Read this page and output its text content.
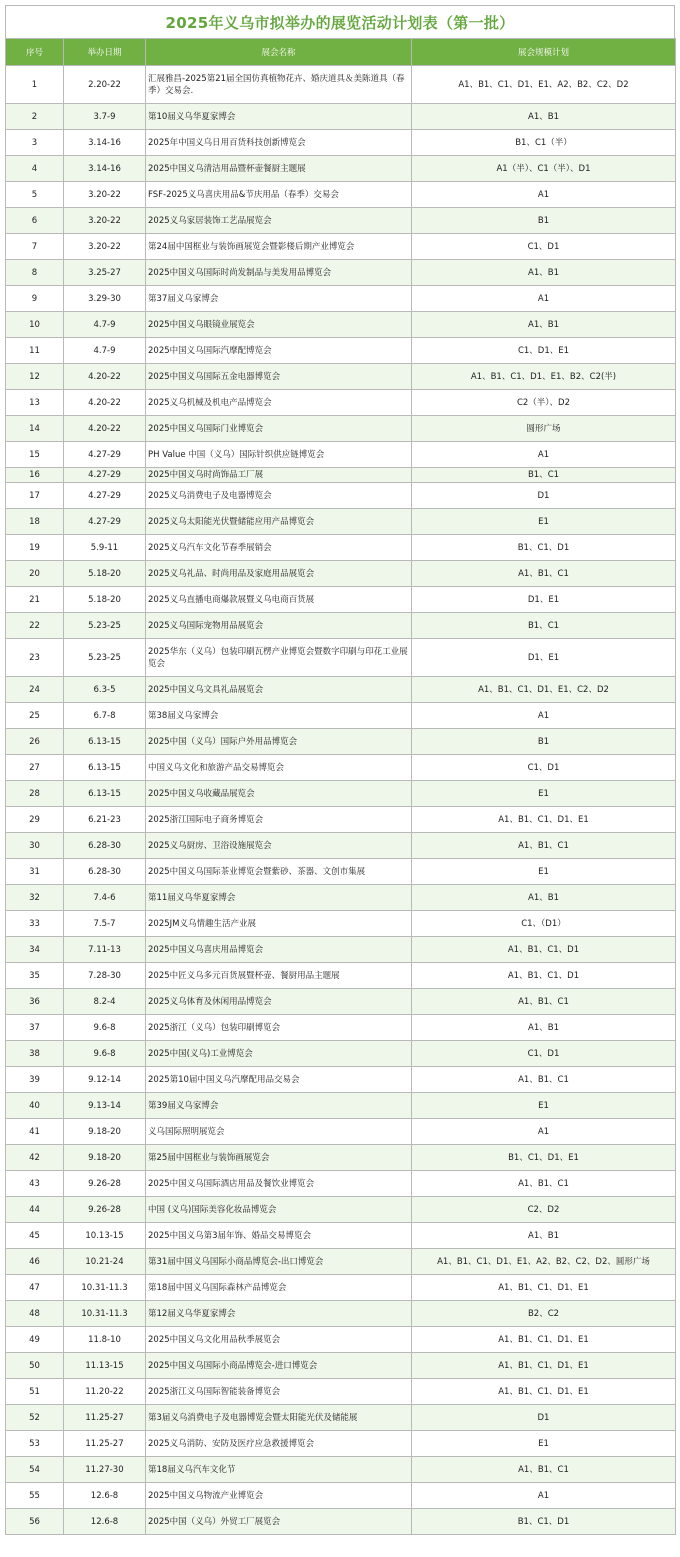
2025年义乌市拟举办的展览活动计划表（第一批）
序号	举办日期	展会名称	展会规模计划
1	2.20-22	汇展雅昌-2025第21届全国仿真植物花卉、婚庆道具＆美陈道具（春季）交易会.	A1、B1、C1、D1、E1、A2、B2、C2、D2
2	3.7-9	第10届义乌华夏家博会	A1、B1
3	3.14-16	2025年中国义乌日用百货科技创新博览会	B1、C1（半）
4	3.14-16	2025中国义乌清洁用品暨杯壶餐厨主题展	A1（半）、C1（半）、D1
5	3.20-22	FSF-2025义乌喜庆用品&节庆用品（春季）交易会	A1
6	3.20-22	2025义乌家居装饰工艺品展览会	B1
7	3.20-22	第24届中国框业与装饰画展览会暨影楼后期产业博览会	C1、D1
8	3.25-27	2025中国义乌国际时尚发制品与美发用品博览会	A1、B1
9	3.29-30	第37届义乌家博会	A1
10	4.7-9	2025中国义乌眼镜业展览会	A1、B1
11	4.7-9	2025中国义乌国际汽摩配博览会	C1、D1、E1
12	4.20-22	2025中国义乌国际五金电器博览会	A1、B1、C1、D1、E1、B2、C2(半)
13	4.20-22	2025义乌机械及机电产品博览会	C2（半）、D2
14	4.20-22	2025中国义乌国际门业博览会	圆形广场
15	4.27-29	PH Value 中国（义乌）国际针织供应链博览会	A1
16	4.27-29	2025中国义乌时尚饰品工厂展	B1、C1
17	4.27-29	2025义乌消费电子及电器博览会	D1
18	4.27-29	2025义乌太阳能光伏暨储能应用产品博览会	E1
19	5.9-11	2025义乌汽车文化节春季展销会	B1、C1、D1
20	5.18-20	2025义乌礼品、时尚用品及家庭用品展览会	A1、B1、C1
21	5.18-20	2025义乌直播电商爆款展暨义乌电商百货展	D1、E1
22	5.23-25	2025义乌国际宠物用品展览会	B1、C1
23	5.23-25	2025华东（义乌）包装印刷瓦楞产业博览会暨数字印刷与印花工业展览会	D1、E1
24	6.3-5	2025中国义乌文具礼品展览会	A1、B1、C1、D1、E1、C2、D2
25	6.7-8	第38届义乌家博会	A1
26	6.13-15	2025中国（义乌）国际户外用品博览会	B1
27	6.13-15	中国义乌文化和旅游产品交易博览会	C1、D1
28	6.13-15	2025中国义乌收藏品展览会	E1
29	6.21-23	2025浙江国际电子商务博览会	A1、B1、C1、D1、E1
30	6.28-30	2025义乌厨房、卫浴设施展览会	A1、B1、C1
31	6.28-30	2025中国义乌国际茶业博览会暨紫砂、茶器、文创市集展	E1
32	7.4-6	第11届义乌华夏家博会	A1、B1
33	7.5-7	2025JM义乌情趣生活产业展	C1、（D1）
34	7.11-13	2025中国义乌喜庆用品博览会	A1、B1、C1、D1
35	7.28-30	2025中匠义乌多元百货展暨杯壶、餐厨用品主题展	A1、B1、C1、D1
36	8.2-4	2025义乌体育及休闲用品博览会	A1、B1、C1
37	9.6-8	2025浙江（义乌）包装印刷博览会	A1、B1
38	9.6-8	2025中国(义乌)工业博览会	C1、D1
39	9.12-14	2025第10届中国义乌汽摩配用品交易会	A1、B1、C1
40	9.13-14	第39届义乌家博会	E1
41	9.18-20	义乌国际照明展览会	A1
42	9.18-20	第25届中国框业与装饰画展览会	B1、C1、D1、E1
43	9.26-28	2025中国义乌国际酒店用品及餐饮业博览会	A1、B1、C1
44	9.26-28	中国 (义乌)国际美容化妆品博览会	C2、D2
45	10.13-15	2025中国义乌第3届年饰、婚品交易博览会	A1、B1
46	10.21-24	第31届中国义乌国际小商品博览会-出口博览会	A1、B1、C1、D1、E1、A2、B2、C2、D2、圆形广场
47	10.31-11.3	第18届中国义乌国际森林产品博览会	A1、B1、C1、D1、E1
48	10.31-11.3	第12届义乌华夏家博会	B2、C2
49	11.8-10	2025中国义乌文化用品秋季展览会	A1、B1、C1、D1、E1
50	11.13-15	2025中国义乌国际小商品博览会-进口博览会	A1、B1、C1、D1、E1
51	11.20-22	2025浙江义乌国际智能装备博览会	A1、B1、C1、D1、E1
52	11.25-27	第3届义乌消费电子及电器博览会暨太阳能光伏及储能展	D1
53	11.25-27	2025义乌消防、安防及医疗应急救援博览会	E1
54	11.27-30	第18届义乌汽车文化节	A1、B1、C1
55	12.6-8	2025中国义乌物流产业博览会	A1
56	12.6-8	2025中国（义乌）外贸工厂展览会	B1、C1、D1
